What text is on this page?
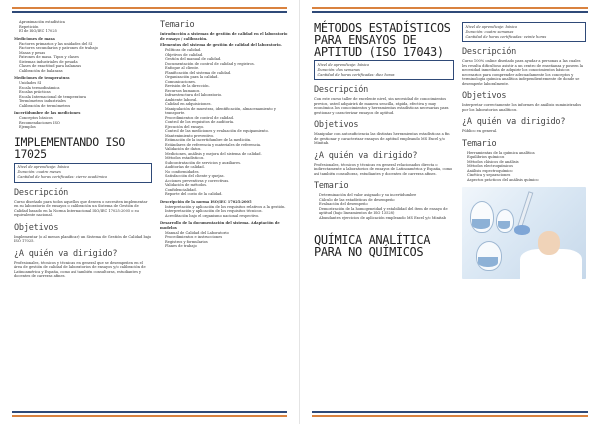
• Aproximación estadística
• Repetición
• El de ISO/IEC 17025
Mediciones de masa
• Factores primarios y las unidades del SI
• Factores secundarios y patrones de trabajo
• Masas y pesas
• Patrones de masa. Tipos y clases
• Sistemas industriales de pesada
• Clases de exactitud para balanzas
• Calibración de balanzas
Mediciones de temperatura
• Unidades SI
• Escala termodinámica
• Escalas prácticas
• Escala Internacional de temperatura
• Termómetros industriales
• Calibración de termómetros
Incertidumbre de las mediciones
• Conceptos básicos
• Recomendaciones ISO
• Ejemplos
IMPLEMENTANDO ISO 17025
Nivel de aprendizaje: básico
Duración: cuatro meses
Cantidad de horas certificadas: cierre académico
Descripción

Curso diseñado para todos aquellos que deseen o necesiten implementar en su laboratorio de ensayos o calibración un Sistema de Gestión de Calidad basado en la Norma Internacional ISO/IEC 17025:2005 o su equivalente nacional.

Objetivos

Implementar (o al menos planificar) un Sistema de Gestión de Calidad bajo ISO 17025.

¿A quién va dirigido?

Profesionales, técnicos y técnicas en general que se desempeñen en el área de gestión de calidad de laboratorios de ensayos y/o calibración de Latinoamérica y España, como así también consultoras, estudiantes y docentes de carreras afines.

Temario
Introducción a sistemas de gestión de calidad en el laboratorio de ensayo / calibración.
Elementos del sistema de gestión de calidad del laboratorio.
• Políticas de calidad.
• Objetivos de calidad.
• Gestión del manual de calidad.
• Documentación de control de calidad y registros.
• Enfoque al cliente.
• Planificación del sistema de calidad.
• Organización para la calidad.
• Comunicaciones.
• Revisión de la dirección.
• Recursos humanos.
• Infraestructura del laboratorio.
• Ambiente laboral.
• Calidad en adquisiciones.
• Manipulación de muestras, identificación, almacenamiento y transporte.
• Procedimientos de control de calidad.
• Control de los requisitos de auditoría.
• Ejecución del ensayo.
• Control de las mediciones y evaluación de equipamiento.
• Mantenimiento preventivo.
• Estimación de la incertidumbre de la medición.
• Estándares de referencia y materiales de referencia.
• Validación de datos.
• Mediciones, análisis y mejora del sistema de calidad.
• Métodos estadísticos.
• Subcontratación de servicios y auxiliares.
• Auditorías de calidad.
• No conformidades.
• Satisfacción del cliente y quejas.
• Acciones preventivas y correctivas.
• Validación de métodos.
• Confidencialidad.
• Reporte del costo de la calidad.
Descripción de la norma ISO/IEC 17025:2005
• Interpretación y aplicación de los requisitos relativos a la gestión.
• Interpretación y aplicación de los requisitos técnicos.
• Acreditación bajo el organismo nacional respectivo.
Desarrollo de la documentación del sistema. Adaptación de modelos
• Manual de Calidad del Laboratorio
• Procedimientos e instrucciones
• Registros y formularios
• Planes de trabajo
MÉTODOS ESTADÍSTICOS PARA ENSAYOS DE APTITUD (ISO 17043)
Nivel de aprendizaje: básico
Duración: dos semanas
Cantidad de horas certificadas: diez horas
Descripción

Con este curso taller de excelente nivel, sin necesidad de conocimientos previos, usted adquirirá de manera sencilla, rápida, efectiva y muy económica los conocimientos y herramientas estadísticas necesarias para gestionar y caracterizar ensayos de aptitud.

Objetivos

Manipular con autosuficiencia las distintas herramientas estadísticas a fin de gestionar y caracterizar ensayos de aptitud empleando MS Excel y/o Minitab.

¿A quién va dirigido?

Profesionales, técnicos y técnicas en general relacionados directa o indirectamente a laboratorios de ensayos de Latinoamérica y España, como así también consultoras, estudiantes y docentes de carreras afines.

Temario
• Determinación del valor asignado y su incertidumbre
• Cálculo de las estadísticas de desempeño
• Evaluación del desempeño
• Demostración de la homogeneidad y estabilidad del ítem de ensayo de aptitud (bajo lineamientos de ISO 13528)
• Abundantes ejercicios de aplicación empleando MS Excel y/o Minitab
QUÍMICA ANALÍTICA PARA NO QUÍMICOS
Nivel de aprendizaje: básico
Duración: cuatro semanas
Cantidad de horas certificadas: veinte horas
Descripción

Curso 100% online diseñado para ayudar a personas a las cuales les resulta dificultoso asistir a un centro de enseñanza y poseen la necesidad inmediata de adquirir los conocimientos básicos necesarios para comprender adecuadamente los conceptos y terminología química analítica independientemente de donde se desempeñe laboralmente.

Objetivos

Interpretar correctamente los informes de análisis suministrados por los laboratorios analíticos.

¿A quién va dirigido?

Público en general.

Temario
• Herramientas de la química analítica
• Equilibrios químicos
• Métodos clásicos de análisis
• Métodos electroquímicos
• Análisis espectroquímico
• Cinética y separaciones
• Aspectos prácticos del análisis químico
